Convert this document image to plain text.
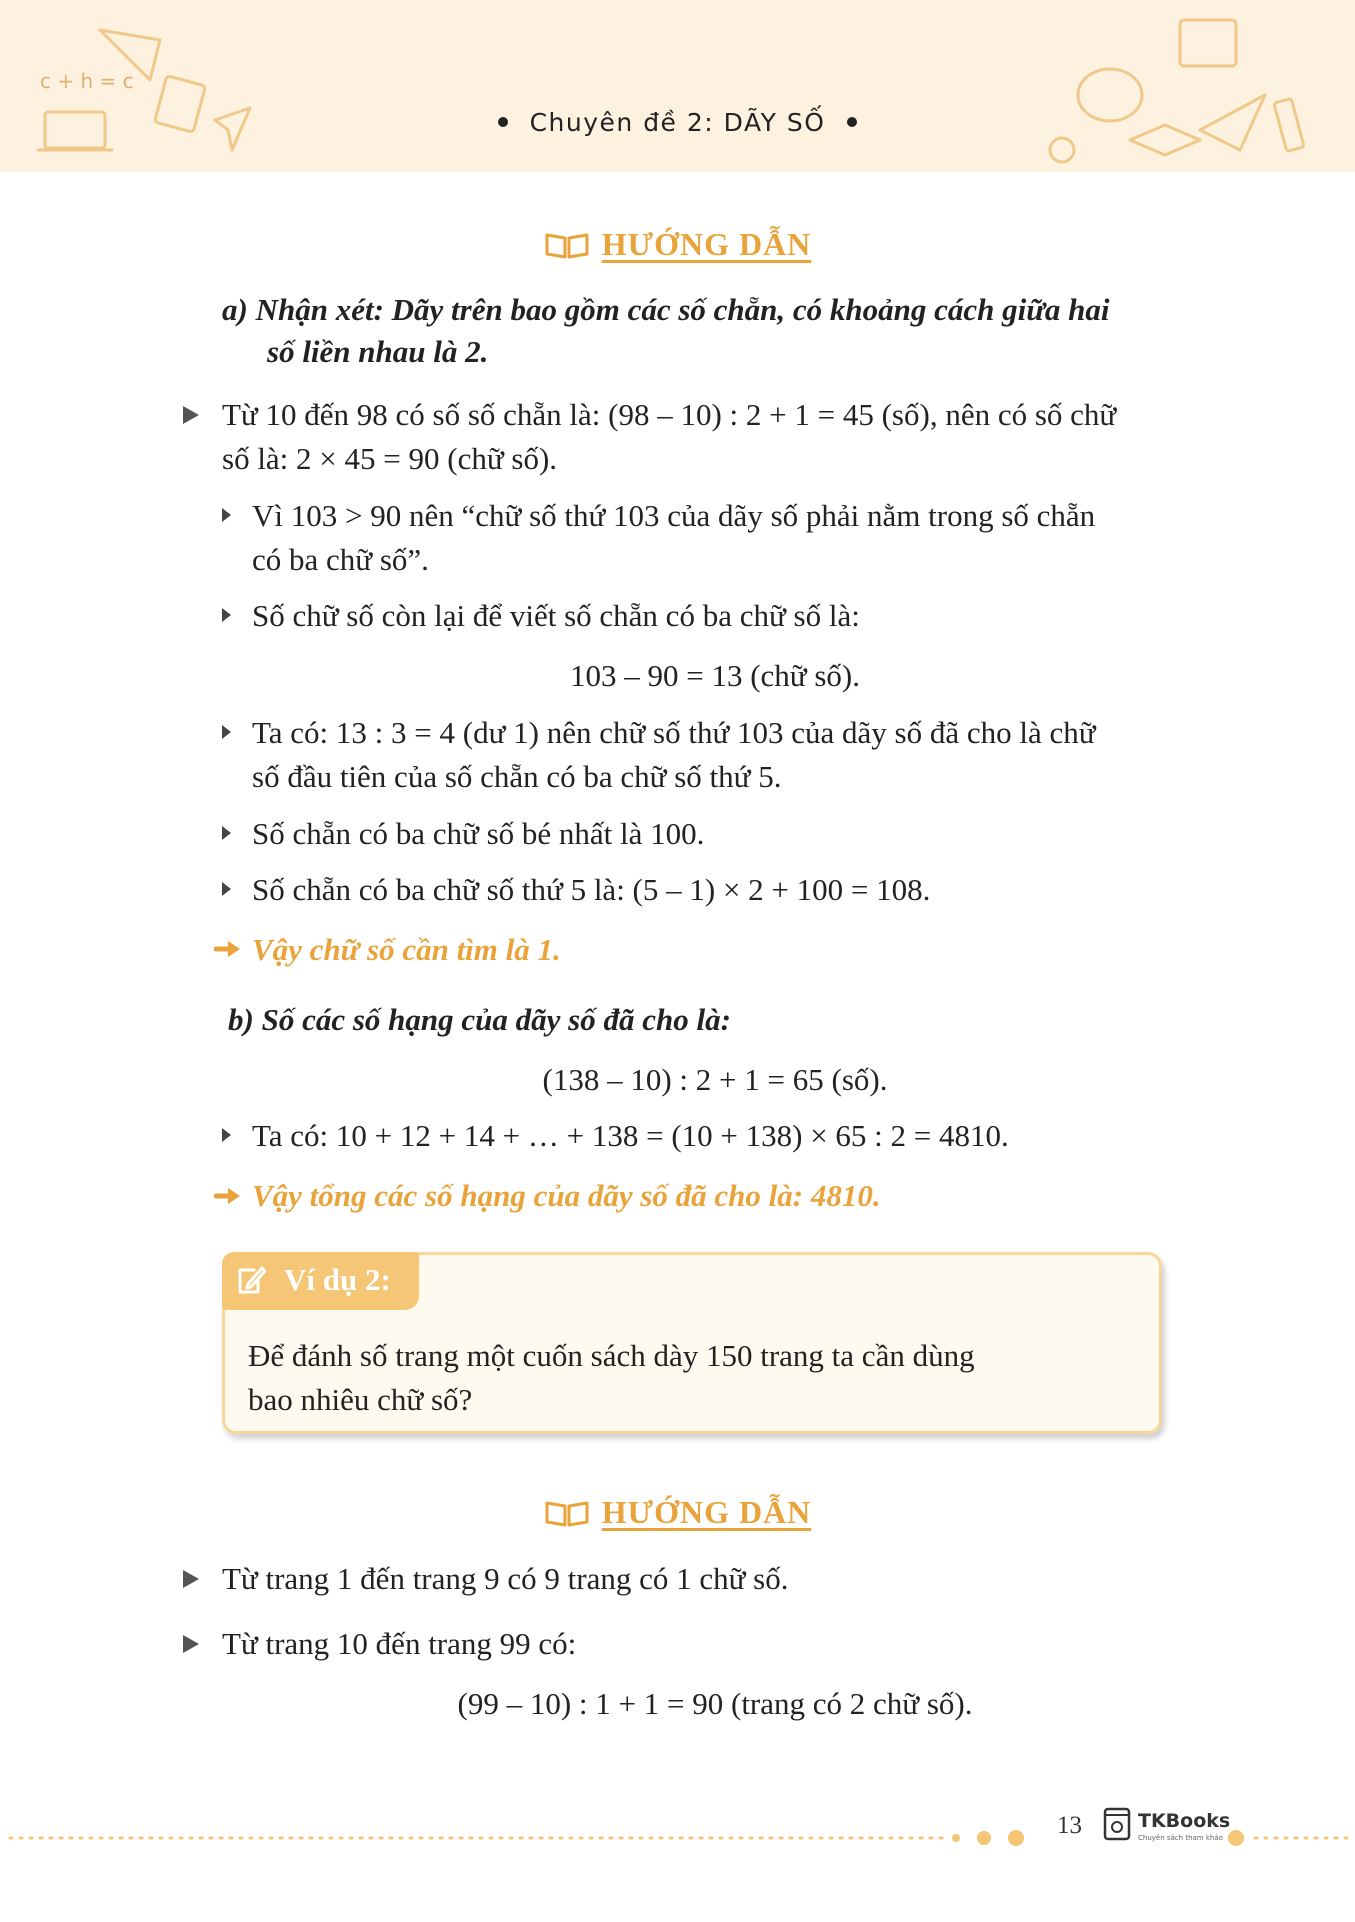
c + h = c
Chuyên đề 2: DÃY SỐ
HƯỚNG DẪN
a) Nhận xét: Dãy trên bao gồm các số chẵn, có khoảng cách giữa hai
số liền nhau là 2.
Từ 10 đến 98 có số số chẵn là: (98 – 10) : 2 + 1 = 45 (số), nên có số chữ
số là: 2 × 45 = 90 (chữ số).
Vì 103 > 90 nên “chữ số thứ 103 của dãy số phải nằm trong số chẵn
có ba chữ số”.
Số chữ số còn lại để viết số chẵn có ba chữ số là:
103 – 90 = 13 (chữ số).
Ta có: 13 : 3 = 4 (dư 1) nên chữ số thứ 103 của dãy số đã cho là chữ
số đầu tiên của số chẵn có ba chữ số thứ 5.
Số chẵn có ba chữ số bé nhất là 100.
Số chẵn có ba chữ số thứ 5 là: (5 – 1) × 2 + 100 = 108.
Vậy chữ số cần tìm là 1.
b) Số các số hạng của dãy số đã cho là:
(138 – 10) : 2 + 1 = 65 (số).
Ta có: 10 + 12 + 14 + … + 138 = (10 + 138) × 65 : 2 = 4810.
Vậy tổng các số hạng của dãy số đã cho là: 4810.
Ví dụ 2:
Để đánh số trang một cuốn sách dày 150 trang ta cần dùng
bao nhiêu chữ số?
HƯỚNG DẪN
Từ trang 1 đến trang 9 có 9 trang có 1 chữ số.
Từ trang 10 đến trang 99 có:
(99 – 10) : 1 + 1 = 90 (trang có 2 chữ số).
13	TKBooks
Chuyên sách tham khảo
